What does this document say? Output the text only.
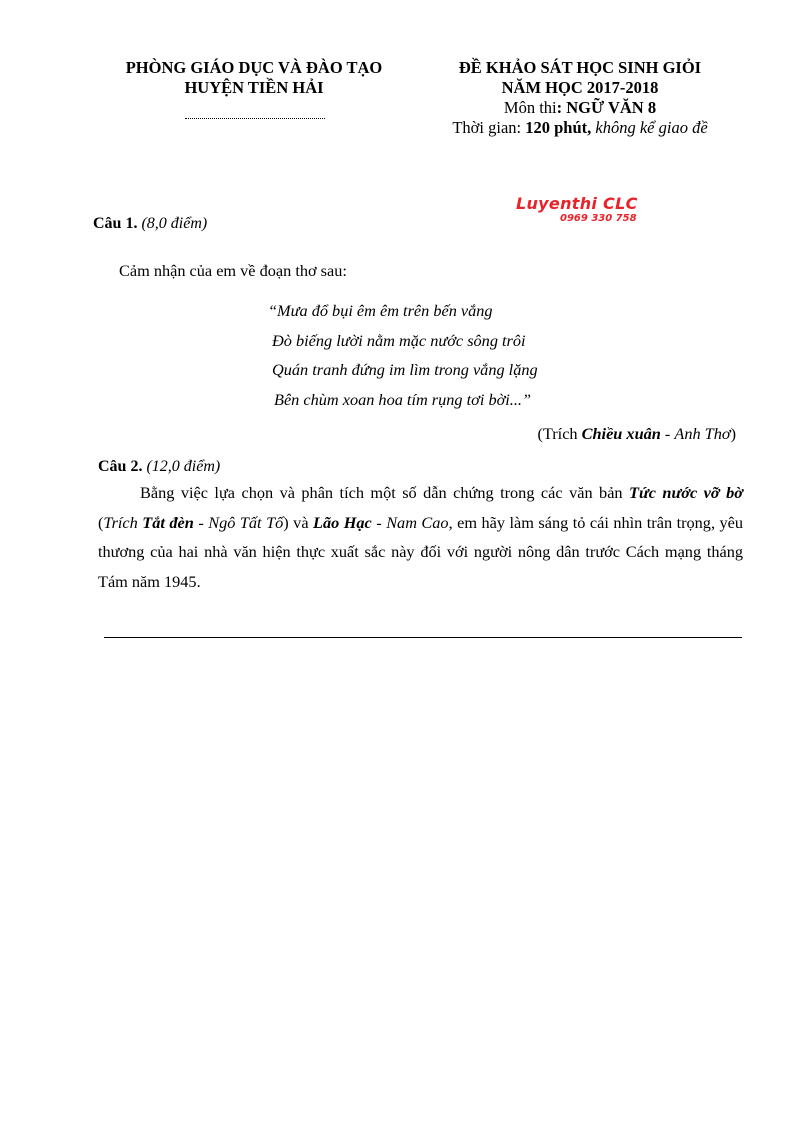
PHÒNG GIÁO DỤC VÀ ĐÀO TẠO
HUYỆN TIỀN HẢI
ĐỀ KHẢO SÁT HỌC SINH GIỎI
NĂM HỌC 2017-2018
Môn thi: NGỮ VĂN 8
Thời gian: 120 phút, không kể giao đề
Luyenthi CLC
0969 330 758
Câu 1. (8,0 điểm)
Cảm nhận của em về đoạn thơ sau:
“Mưa đổ bụi êm êm trên bến vắng
Đò biếng lười nằm mặc nước sông trôi
Quán tranh đứng im lìm trong vắng lặng
Bên chùm xoan hoa tím rụng tơi bời...”
(Trích Chiều xuân - Anh Thơ)
Câu 2. (12,0 điểm)
Bằng việc lựa chọn và phân tích một số dẫn chứng trong các văn bản Tức nước vỡ bờ (Trích Tắt đèn - Ngô Tất Tố) và Lão Hạc - Nam Cao, em hãy làm sáng tỏ cái nhìn trân trọng, yêu thương của hai nhà văn hiện thực xuất sắc này đối với người nông dân trước Cách mạng tháng Tám năm 1945.
